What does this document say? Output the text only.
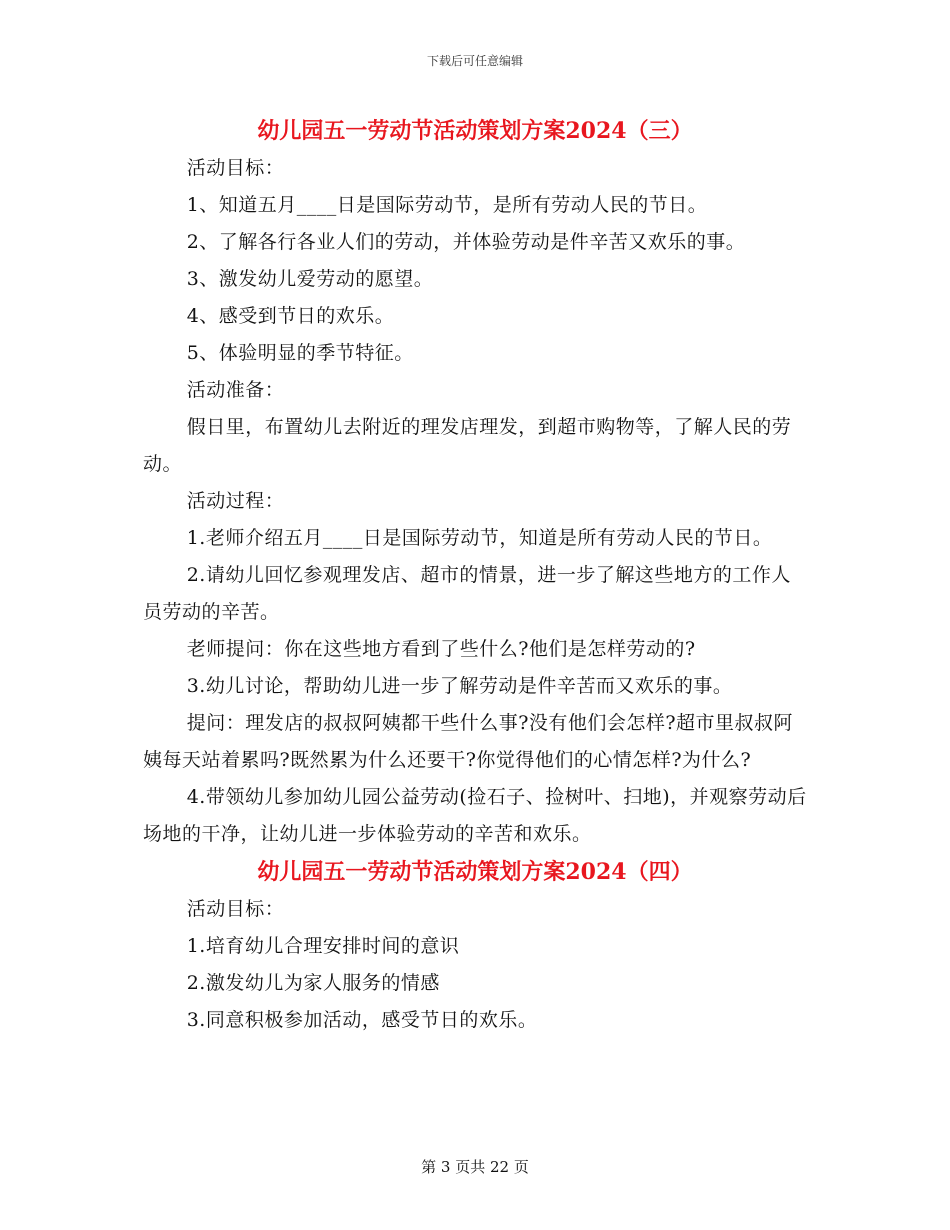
下载后可任意编辑
幼儿园五一劳动节活动策划方案2024（三）

活动目标：

1、知道五月____日是国际劳动节，是所有劳动人民的节日。

2、了解各行各业人们的劳动，并体验劳动是件辛苦又欢乐的事。

3、激发幼儿爱劳动的愿望。

4、感受到节日的欢乐。

5、体验明显的季节特征。

活动准备：

假日里，布置幼儿去附近的理发店理发，到超市购物等，了解人民的劳动。

活动过程：

1.老师介绍五月____日是国际劳动节，知道是所有劳动人民的节日。

2.请幼儿回忆参观理发店、超市的情景，进一步了解这些地方的工作人员劳动的辛苦。

老师提问：你在这些地方看到了些什么?他们是怎样劳动的?

3.幼儿讨论，帮助幼儿进一步了解劳动是件辛苦而又欢乐的事。

提问：理发店的叔叔阿姨都干些什么事?没有他们会怎样?超市里叔叔阿姨每天站着累吗?既然累为什么还要干?你觉得他们的心情怎样?为什么?

4.带领幼儿参加幼儿园公益劳动(捡石子、捡树叶、扫地)，并观察劳动后场地的干净，让幼儿进一步体验劳动的辛苦和欢乐。

幼儿园五一劳动节活动策划方案2024（四）

活动目标：

1.培育幼儿合理安排时间的意识

2.激发幼儿为家人服务的情感

3.同意积极参加活动，感受节日的欢乐。

第 3 页共 22 页
